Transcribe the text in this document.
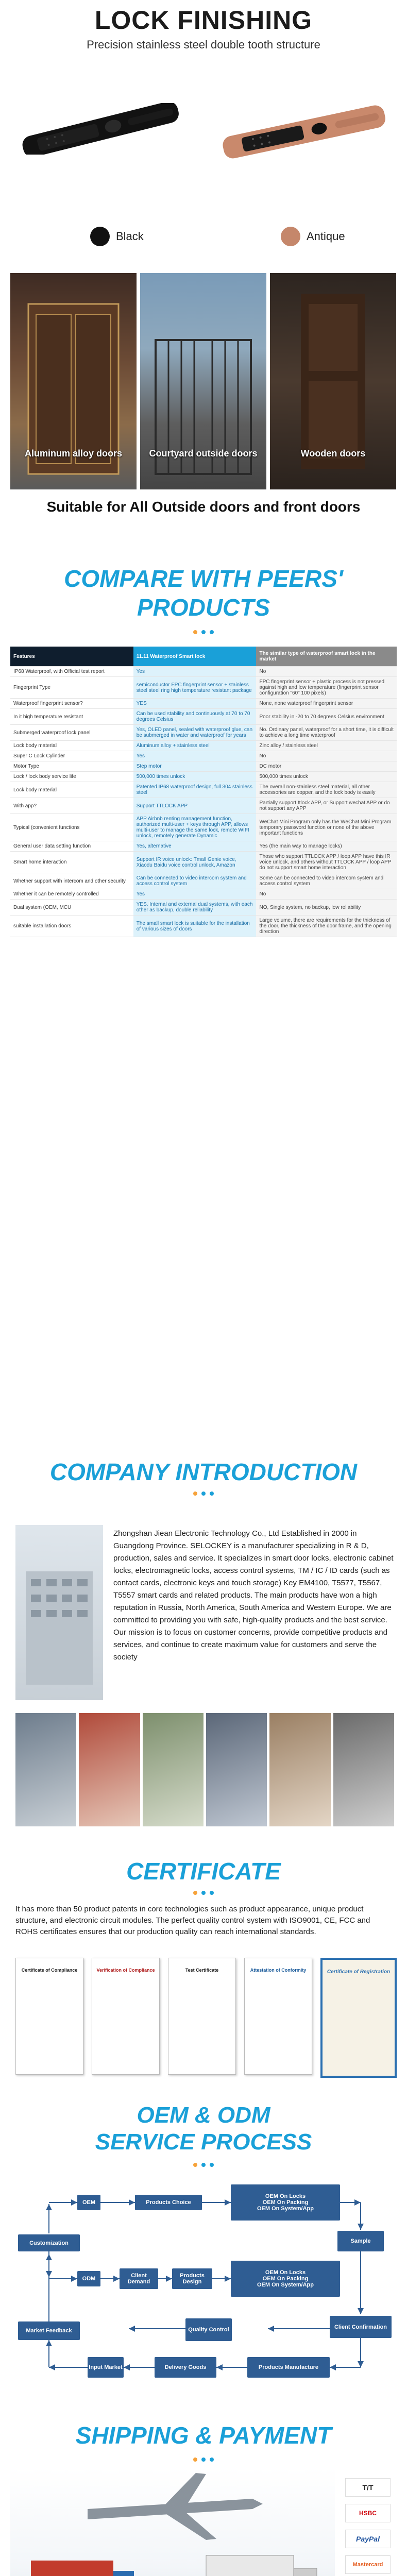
LOCK FINISHING
Precision stainless steel double tooth structure
Black	Antique
Aluminum alloy doors	Courtyard outside doors	Wooden doors
Suitable for All Outside doors and front doors
COMPARE WITH PEERS' PRODUCTS
Features	11.11 Waterproof Smart lock	The similar type of waterproof smart lock in the market
IP68 Waterproof, with Official test report	Yes	No
Fingerprint Type	semiconductor FPC fingerprint sensor + stainless steel steel ring high temperature resistant package	FPC fingerprint sensor + plastic process is not pressed against high and low temperature (fingerprint sensor configuration "60" 100 pixels)
Waterproof fingerprint sensor?	YES	None, none waterproof fingerprint sensor
In it high temperature resistant	Can be used stability and continuously at 70 to 70 degrees Celsius	Poor stability in -20 to 70 degrees Celsius environment
Submerged waterproof lock panel	Yes, OLED panel, sealed with waterproof glue, can be submerged in water and waterproof for years	No. Ordinary panel, waterproof for a short time, it is difficult to achieve a long time waterproof
Lock body material	Aluminum alloy + stainless steel	Zinc alloy / stainless steel
Super C Lock Cylinder	Yes	No
Motor Type	Step motor	DC motor
Lock / lock body service life	500,000 times unlock	500,000 times unlock
Lock body material	Patented IP68 waterproof design, full 304 stainless steel	The overall non-stainless steel material, all other accessories are copper, and the lock body is easily
With app?	Support TTLOCK APP	Partially support ttlock APP, or Support wechat APP or do not support any APP
Typical (convenient functions	APP Airbnb renting management function, authorized multi-user + keys through APP, allows multi-user to manage the same lock, remote WIFI unlock, remotely generate Dynamic	WeChat Mini Program only has the WeChat Mini Program temporary password function or none of the above important functions
General user data setting function	Yes, alternative	Yes (the main way to manage locks)
Smart home interaction	Support IR voice unlock: Tmall Genie voice, Xiaodu Baidu voice control unlock, Amazon	Those who support TTLOCK APP / loop APP have this IR voice unlock, and others without TTLOCK APP / loop APP do not support smart home interaction
Whether support with intercom and other security	Can be connected to video intercom system and access control system	Some can be connected to video intercom system and access control system
Whether it can be remotely controlled	Yes	No
Dual system (OEM, MCU	YES. Internal and external dual systems, with each other as backup, double reliability	NO, Single system, no backup, low reliability
suitable installation doors	The small smart lock is suitable for the installation of various sizes of doors	Large volume, there are requirements for the thickness of the door, the thickness of the door frame, and the opening direction
COMPANY INTRODUCTION
Zhongshan Jiean Electronic Technology Co., Ltd Established in 2000 in Guangdong Province. SELOCKEY is a manufacturer specializing in R & D, production, sales and service. It specializes in smart door locks, electronic cabinet locks, electromagnetic locks, access control systems, TM / IC / ID cards (such as contact cards, electronic keys and touch storage) Key EM4100, T5577, T5567, T5557 smart cards and related products. The main products have won a high reputation in Russia, North America, South America and Western Europe. We are committed to providing you with safe, high-quality products and the best service. Our mission is to focus on customer concerns, provide competitive products and services, and continue to create maximum value for customers and serve the society
CERTIFICATE
It has more than 50 product patents in core technologies such as product appearance, unique product structure, and electronic circuit modules. The perfect quality control system with ISO9001, CE, FCC and ROHS certificates ensures that our production quality can reach international standards.
Certificate of Compliance	Verification of Compliance	Test Certificate	Attestation of Conformity	Certificate of Registration
OEM & ODM SERVICE PROCESS
OEM	Products Choice
OEM On Locks
OEM On Packing
OEM On System/App
Customization	Sample
ODM	Client Demand
Products Design
OEM On Locks
OEM On Packing
OEM On System/App
Market Feedback	Quality Control	Client Confirmation
Input Market	Delivery Goods	Products Manufacture
SHIPPING & PAYMENT
T/T
HSBC
PayPal
Mastercard
